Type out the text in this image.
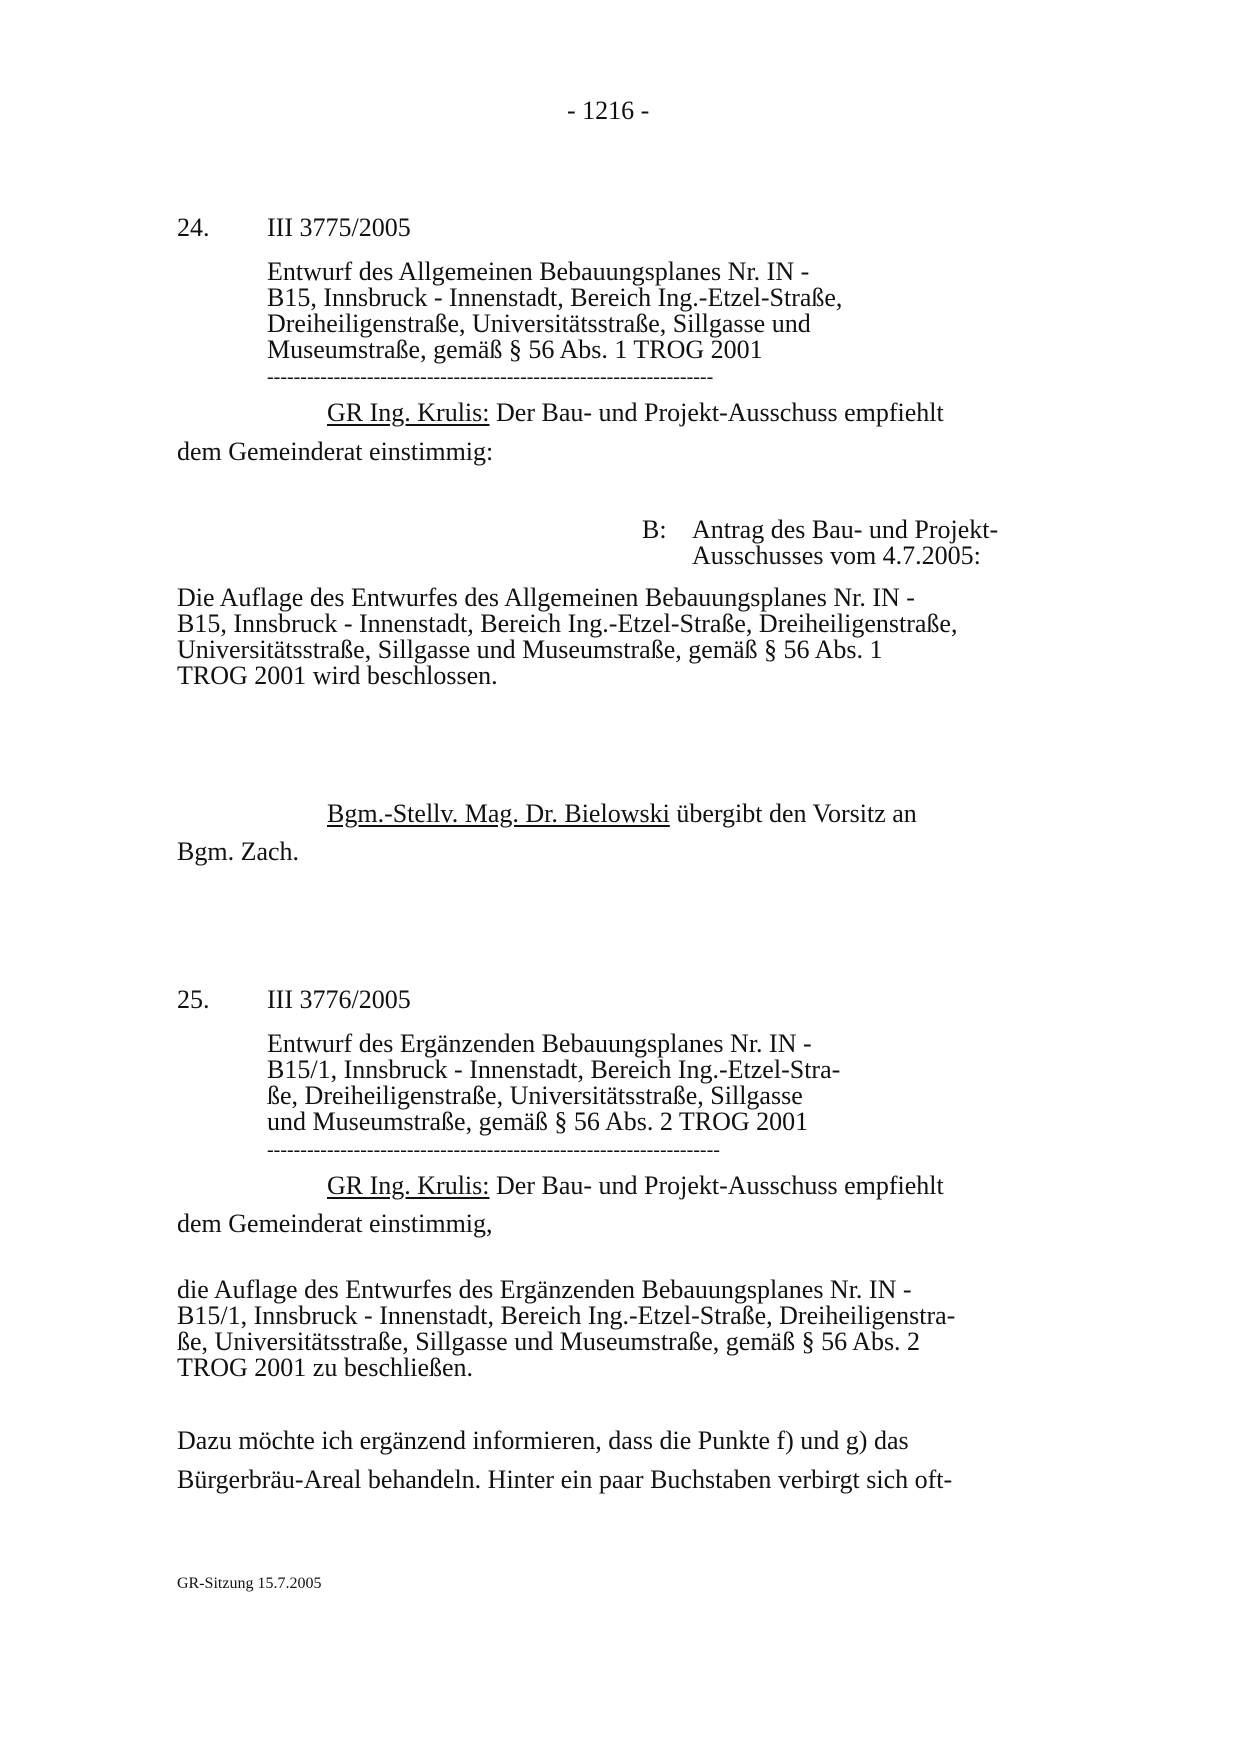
- 1216 -
24. III 3775/2005
Entwurf des Allgemeinen Bebauungsplanes Nr. IN -
B15, Innsbruck - Innenstadt, Bereich Ing.-Etzel-Straße,
Dreiheiligenstraße, Universitätsstraße, Sillgasse und
Museumstraße, gemäß § 56 Abs. 1 TROG 2001
-------------------------------------------------------------------
GR Ing. Krulis: Der Bau- und Projekt-Ausschuss empfiehlt
dem Gemeinderat einstimmig:
B: Antrag des Bau- und Projekt-
Ausschusses vom 4.7.2005:
Die Auflage des Entwurfes des Allgemeinen Bebauungsplanes Nr. IN -
B15, Innsbruck - Innenstadt, Bereich Ing.-Etzel-Straße, Dreiheiligenstraße,
Universitätsstraße, Sillgasse und Museumstraße, gemäß § 56 Abs. 1
TROG 2001 wird beschlossen.
Bgm.-Stellv. Mag. Dr. Bielowski übergibt den Vorsitz an
Bgm. Zach.
25. III 3776/2005
Entwurf des Ergänzenden Bebauungsplanes Nr. IN -
B15/1, Innsbruck - Innenstadt, Bereich Ing.-Etzel-Stra-
ße, Dreiheiligenstraße, Universitätsstraße, Sillgasse
und Museumstraße, gemäß § 56 Abs. 2 TROG 2001
--------------------------------------------------------------------
GR Ing. Krulis: Der Bau- und Projekt-Ausschuss empfiehlt
dem Gemeinderat einstimmig,
die Auflage des Entwurfes des Ergänzenden Bebauungsplanes Nr. IN -
B15/1, Innsbruck - Innenstadt, Bereich Ing.-Etzel-Straße, Dreiheiligenstra-
ße, Universitätsstraße, Sillgasse und Museumstraße, gemäß § 56 Abs. 2
TROG 2001 zu beschließen.
Dazu möchte ich ergänzend informieren, dass die Punkte f) und g) das
Bürgerbräu-Areal behandeln. Hinter ein paar Buchstaben verbirgt sich oft-
GR-Sitzung 15.7.2005
